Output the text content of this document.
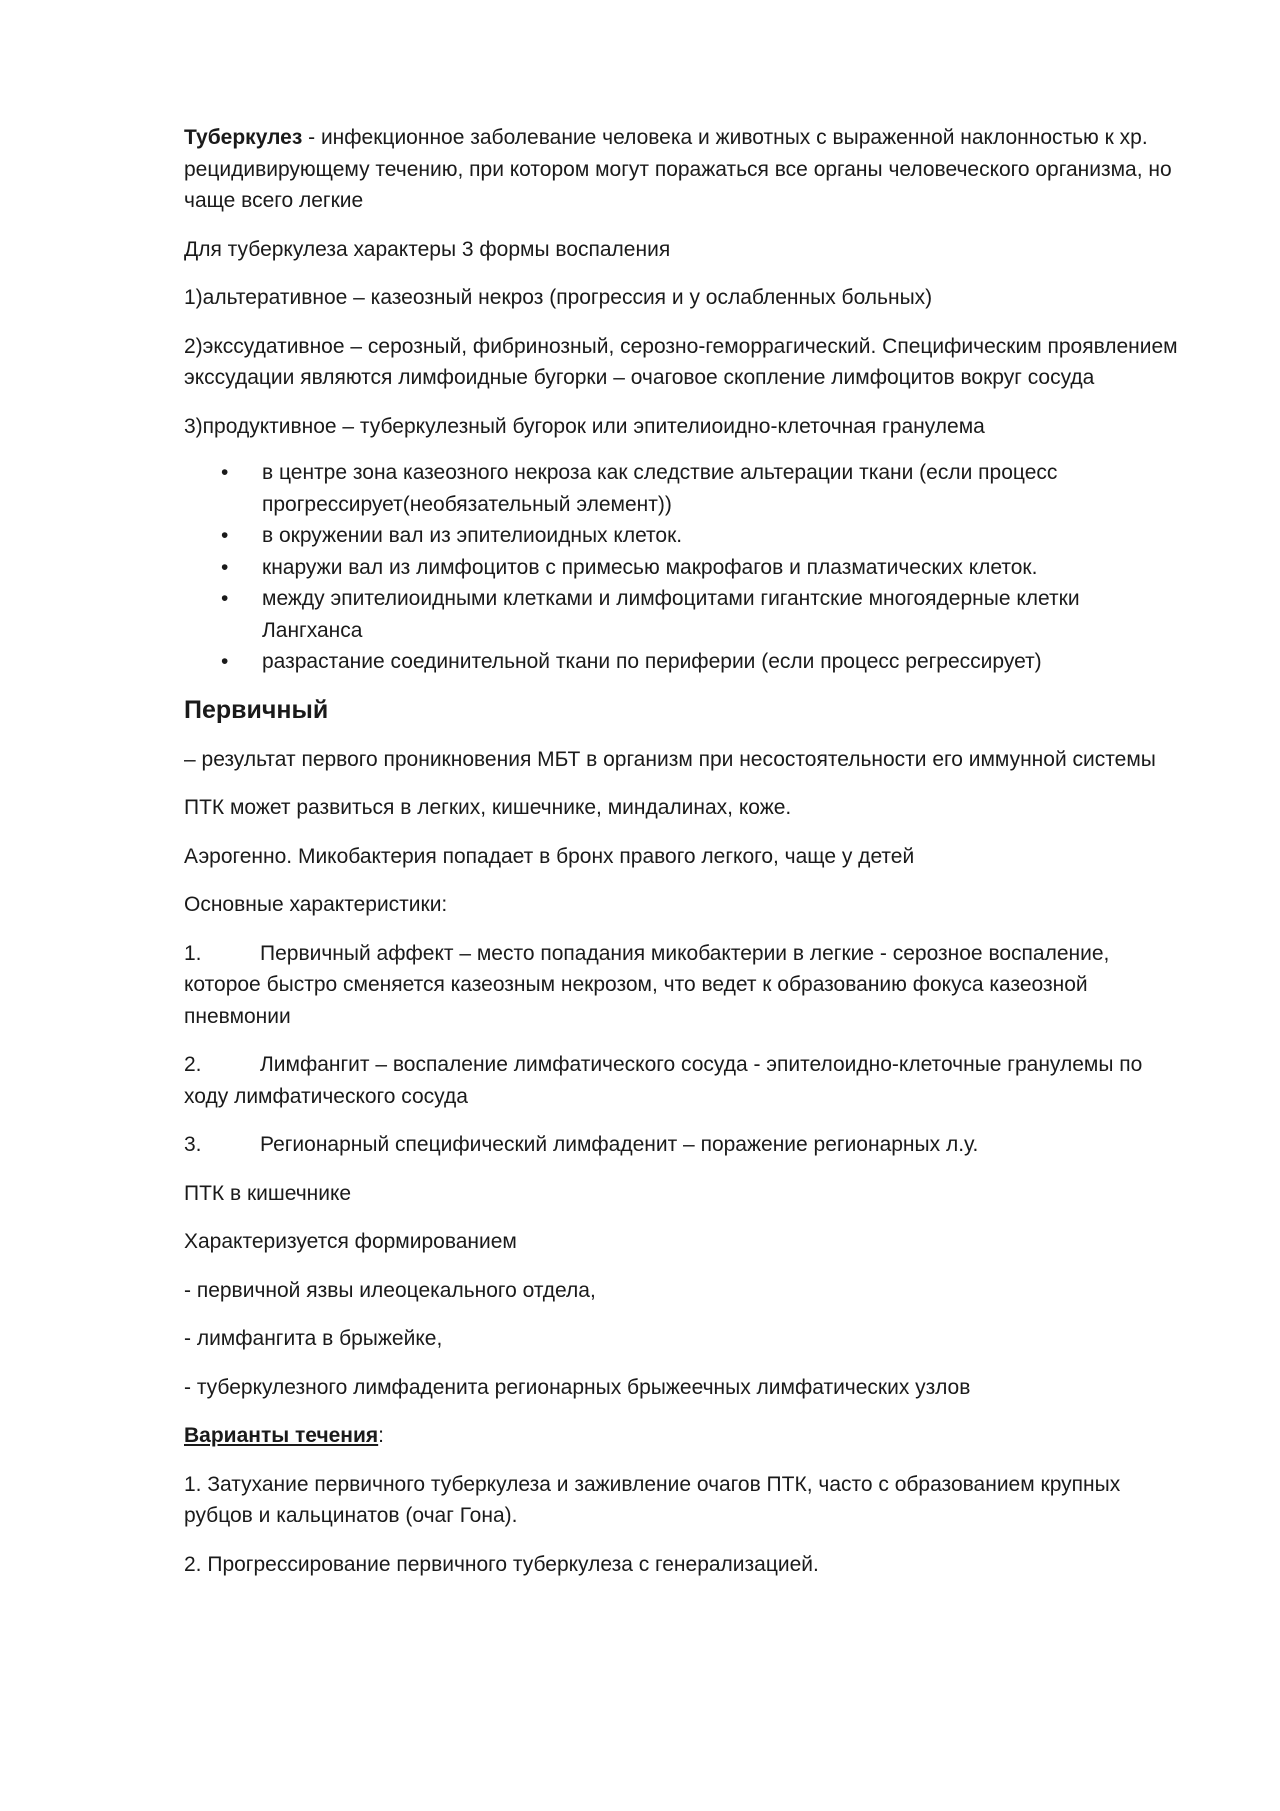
Туберкулез - инфекционное заболевание человека и животных с выраженной наклонностью к хр. рецидивирующему течению, при котором могут поражаться все органы человеческого организма, но чаще всего легкие

Для туберкулеза характеры 3 формы воспаления

1)альтеративное – казеозный некроз (прогрессия и у ослабленных больных)

2)экссудативное – серозный, фибринозный, серозно-геморрагический. Специфическим проявлением экссудации являются лимфоидные бугорки – очаговое скопление лимфоцитов вокруг сосуда

3)продуктивное – туберкулезный бугорок или эпителиоидно-клеточная гранулема

• в центре зона казеозного некроза как следствие альтерации ткани (если процесс прогрессирует(необязательный элемент))
• в окружении вал из эпителиоидных клеток.
• кнаружи вал из лимфоцитов с примесью макрофагов и плазматических клеток.
• между эпителиоидными клетками и лимфоцитами гигантские многоядерные клетки Лангханса
• разрастание соединительной ткани по периферии (если процесс регрессирует)
Первичный

– результат первого проникновения МБТ в организм при несостоятельности его иммунной системы

ПТК может развиться в легких, кишечнике, миндалинах, коже.

Аэрогенно. Микобактерия попадает в бронх правого легкого, чаще у детей

Основные характеристики:

1.	Первичный аффект – место попадания микобактерии в легкие - серозное воспаление, которое быстро сменяется казеозным некрозом, что ведет к образованию фокуса казеозной пневмонии

2.	Лимфангит – воспаление лимфатического сосуда - эпителоидно-клеточные гранулемы по ходу лимфатического сосуда

3.	Регионарный специфический лимфаденит – поражение регионарных л.у.

ПТК в кишечнике

Характеризуется формированием

- первичной язвы илеоцекального отдела,

- лимфангита в брыжейке,

- туберкулезного лимфаденита регионарных брыжеечных лимфатических узлов

Варианты течения:

1. Затухание первичного туберкулеза и заживление очагов ПТК, часто с образованием крупных рубцов и кальцинатов (очаг Гона).

2. Прогрессирование первичного туберкулеза с генерализацией.
